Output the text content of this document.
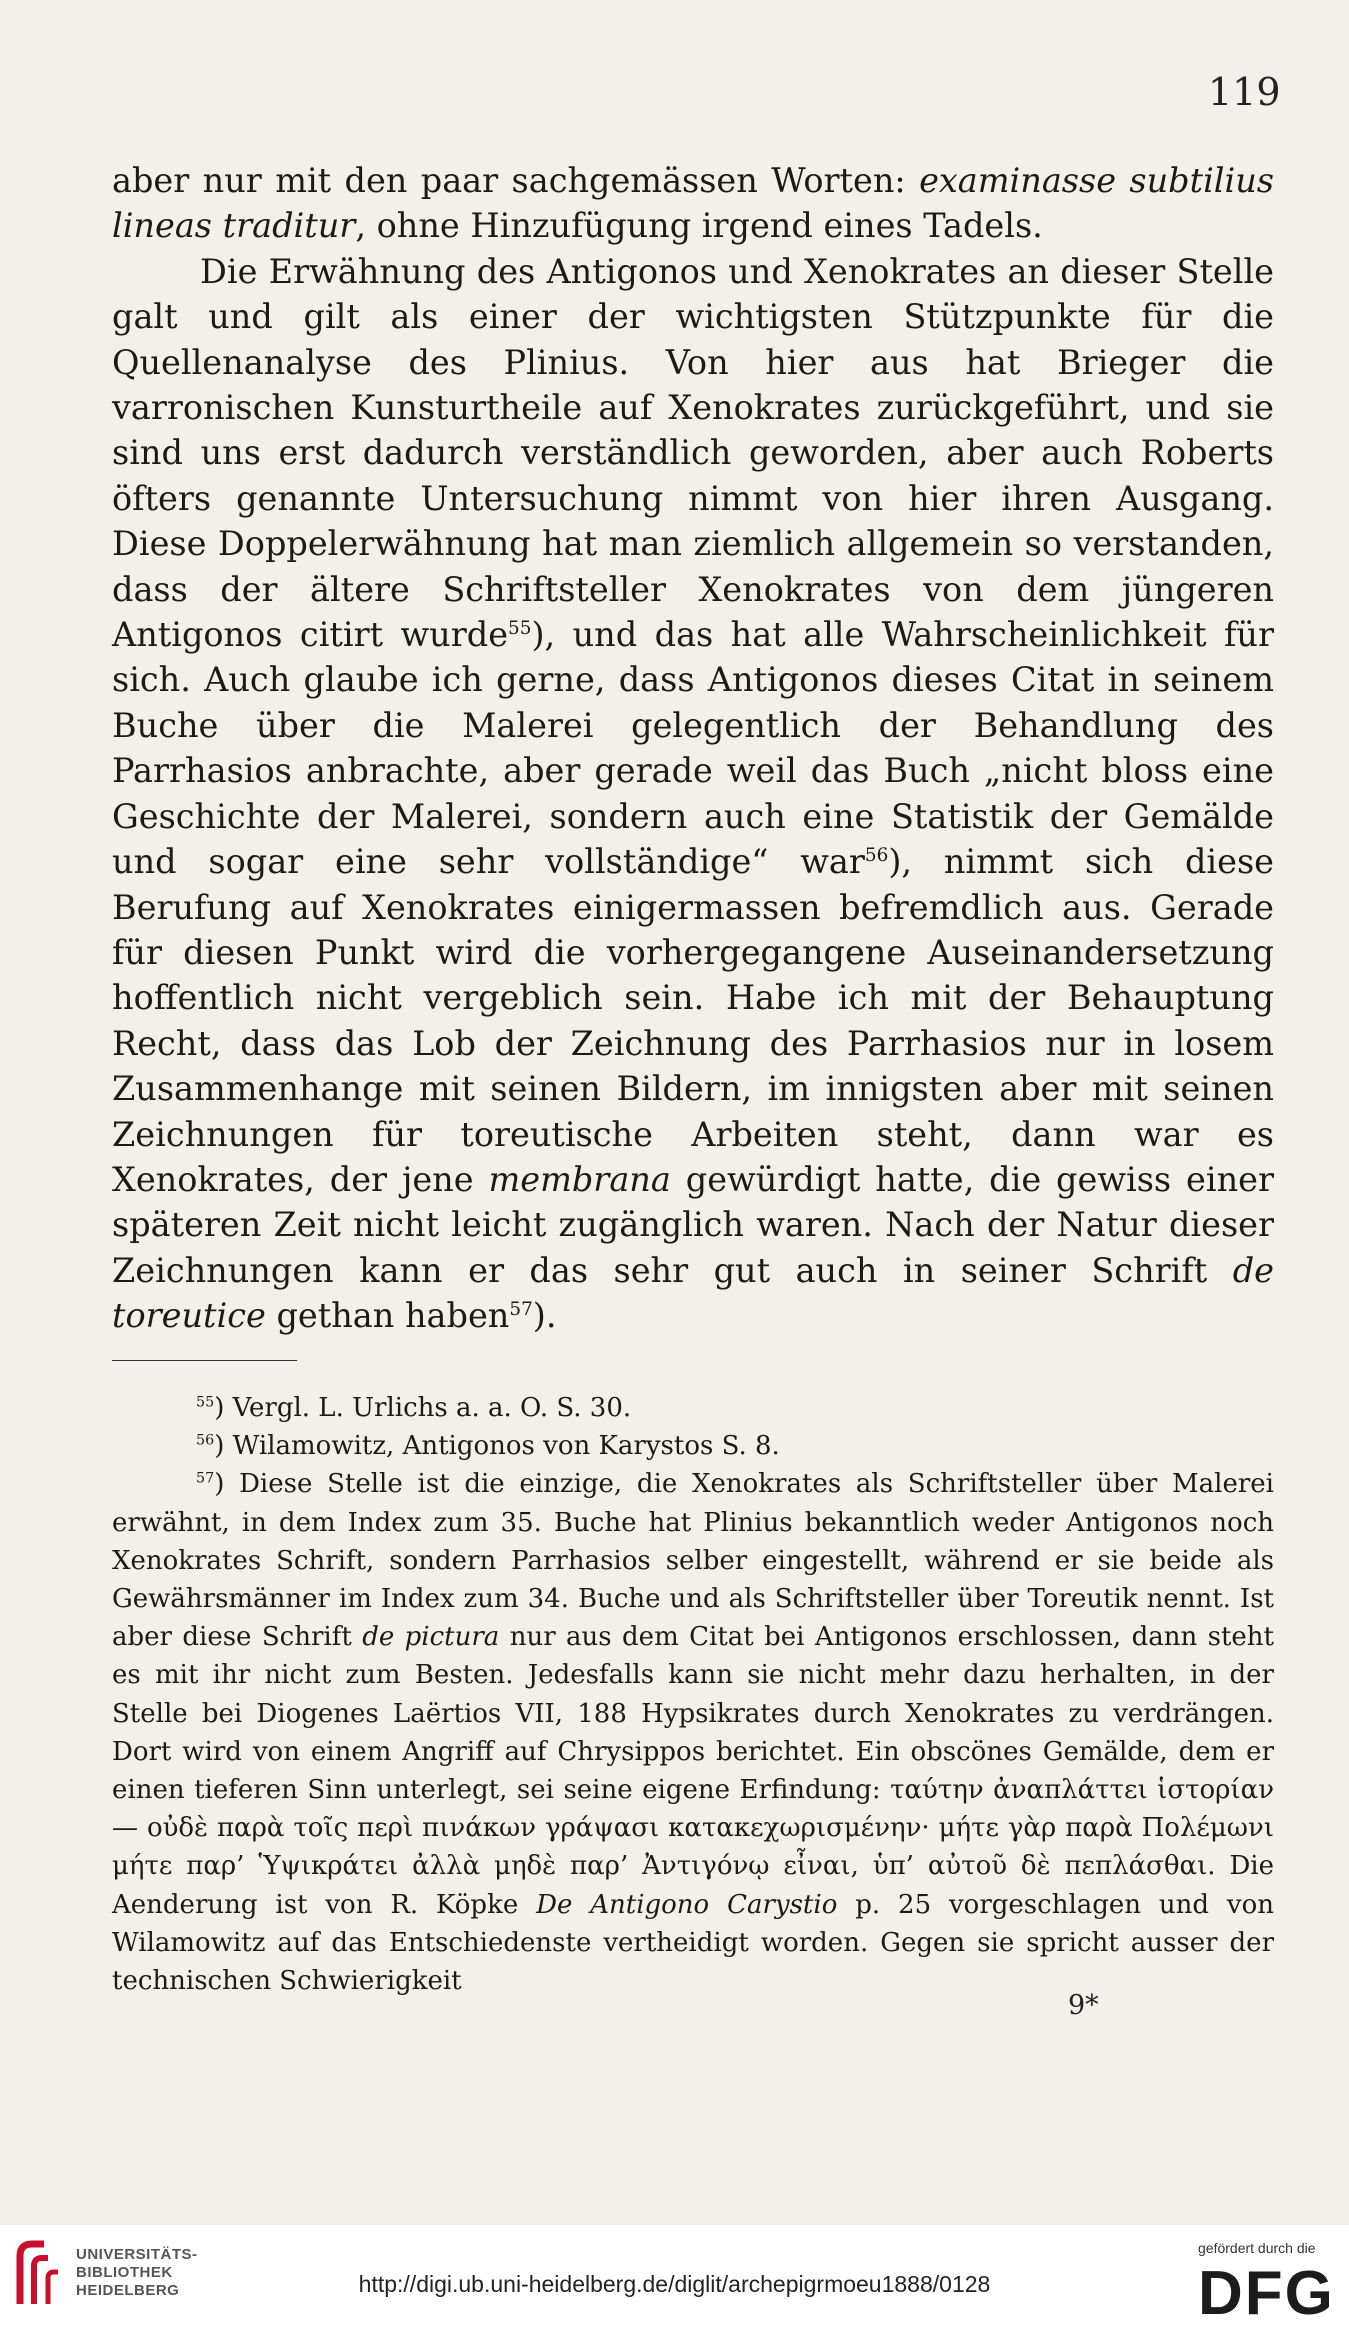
119

aber nur mit den paar sachgemässen Worten: examinasse subtilius lineas traditur, ohne Hinzufügung irgend eines Tadels.

Die Erwähnung des Antigonos und Xenokrates an dieser Stelle galt und gilt als einer der wichtigsten Stützpunkte für die Quellenanalyse des Plinius. Von hier aus hat Brieger die varronischen Kunsturtheile auf Xenokrates zurückgeführt, und sie sind uns erst dadurch verständlich geworden, aber auch Roberts öfters genannte Untersuchung nimmt von hier ihren Ausgang. Diese Doppelerwähnung hat man ziemlich allgemein so verstanden, dass der ältere Schriftsteller Xenokrates von dem jüngeren Antigonos citirt wurde$^{55}$), und das hat alle Wahrscheinlichkeit für sich. Auch glaube ich gerne, dass Antigonos dieses Citat in seinem Buche über die Malerei gelegentlich der Behandlung des Parrhasios anbrachte, aber gerade weil das Buch „nicht bloss eine Geschichte der Malerei, sondern auch eine Statistik der Gemälde und sogar eine sehr vollständige“ war$^{56}$), nimmt sich diese Berufung auf Xenokrates einigermassen befremdlich aus. Gerade für diesen Punkt wird die vorhergegangene Auseinandersetzung hoffentlich nicht vergeblich sein. Habe ich mit der Behauptung Recht, dass das Lob der Zeichnung des Parrhasios nur in losem Zusammenhange mit seinen Bildern, im innigsten aber mit seinen Zeichnungen für toreutische Arbeiten steht, dann war es Xenokrates, der jene membrana gewürdigt hatte, die gewiss einer späteren Zeit nicht leicht zugänglich waren. Nach der Natur dieser Zeichnungen kann er das sehr gut auch in seiner Schrift de toreutice gethan haben$^{57}$).

$^{55}$) Vergl. L. Urlichs a. a. O. S. 30.

$^{56}$) Wilamowitz, Antigonos von Karystos S. 8.

$^{57}$) Diese Stelle ist die einzige, die Xenokrates als Schriftsteller über Malerei erwähnt, in dem Index zum 35. Buche hat Plinius bekanntlich weder Antigonos noch Xenokrates Schrift, sondern Parrhasios selber eingestellt, während er sie beide als Gewährsmänner im Index zum 34. Buche und als Schriftsteller über Toreutik nennt. Ist aber diese Schrift de pictura nur aus dem Citat bei Antigonos erschlossen, dann steht es mit ihr nicht zum Besten. Jedesfalls kann sie nicht mehr dazu herhalten, in der Stelle bei Diogenes Laërtios VII, 188 Hypsikrates durch Xenokrates zu verdrängen. Dort wird von einem Angriff auf Chrysippos berichtet. Ein obscönes Gemälde, dem er einen tieferen Sinn unterlegt, sei seine eigene Erfindung: ταύτην ἀναπλάττει ἱστορίαν — οὐδὲ παρὰ τοῖς περὶ πινάκων γράψασι κατακεχωρισμένην· μήτε γὰρ παρὰ Πολέμωνι μήτε παρ’ Ὑψικράτει ἀλλὰ μηδὲ παρ’ Ἀντιγόνῳ εἶναι, ὑπ’ αὐτοῦ δὲ πεπλάσθαι. Die Aenderung ist von R. Köpke De Antigono Carystio p. 25 vorgeschlagen und von Wilamowitz auf das Entschiedenste vertheidigt worden. Gegen sie spricht ausser der technischen Schwierigkeit

9*
UNIVERSITÄTS-
BIBLIOTHEK
HEIDELBERG	http://digi.ub.uni-heidelberg.de/diglit/archepigrmoeu1888/0128
gefördert durch die
DFG
